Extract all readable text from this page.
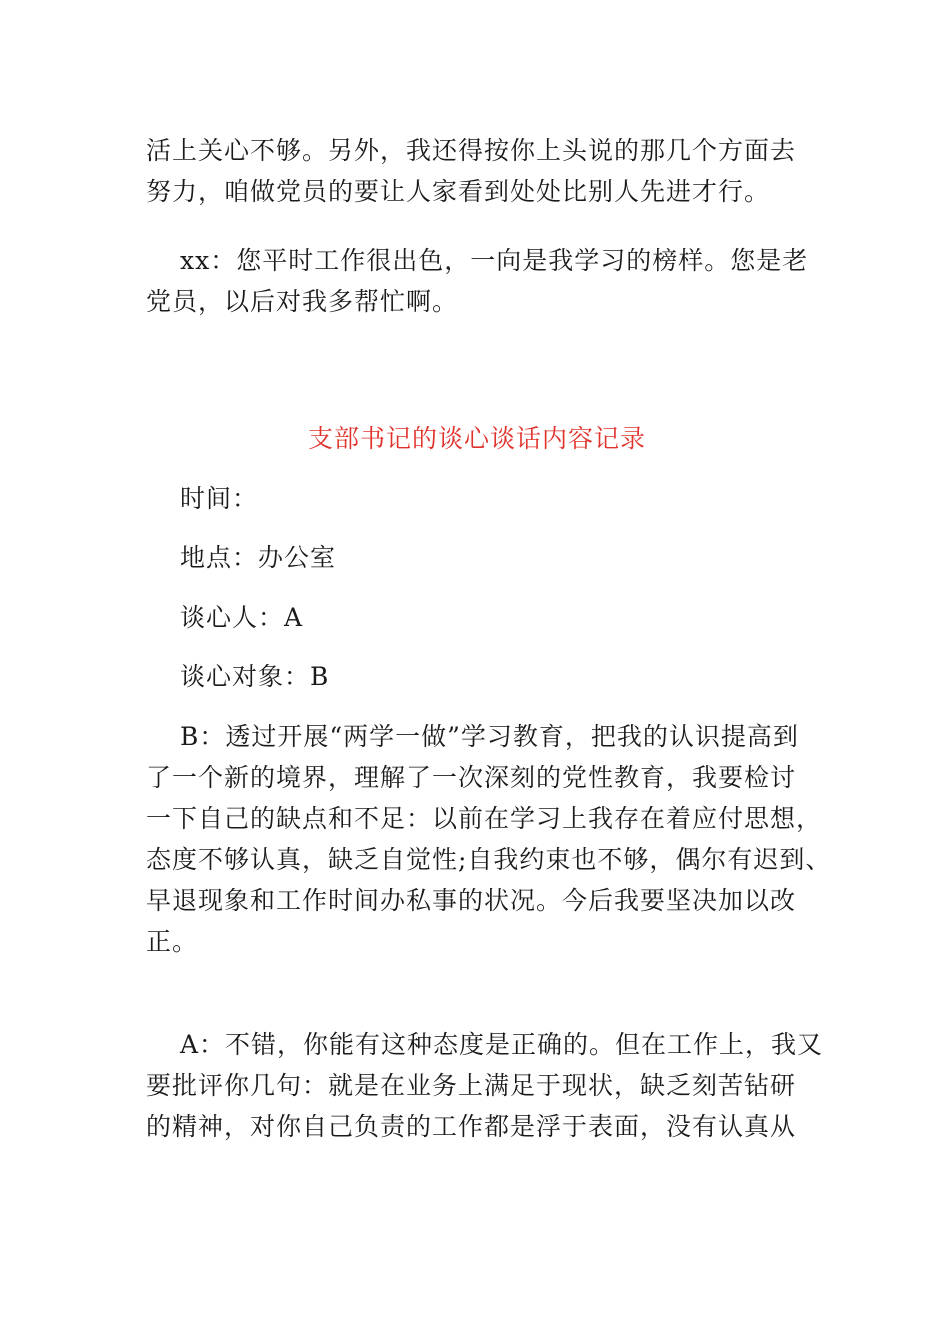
活上关心不够。另外，我还得按你上头说的那几个方面去
努力，咱做党员的要让人家看到处处比别人先进才行。

xx：您平时工作很出色，一向是我学习的榜样。您是老
党员，以后对我多帮忙啊。

支部书记的谈心谈话内容记录

时间：

地点：办公室

谈心人：A

谈心对象：B

B：透过开展“两学一做”学习教育，把我的认识提高到
了一个新的境界，理解了一次深刻的党性教育，我要检讨
一下自己的缺点和不足：以前在学习上我存在着应付思想，
态度不够认真，缺乏自觉性;自我约束也不够，偶尔有迟到、
早退现象和工作时间办私事的状况。今后我要坚决加以改
正。

A：不错，你能有这种态度是正确的。但在工作上，我又
要批评你几句：就是在业务上满足于现状，缺乏刻苦钻研
的精神，对你自己负责的工作都是浮于表面，没有认真从
